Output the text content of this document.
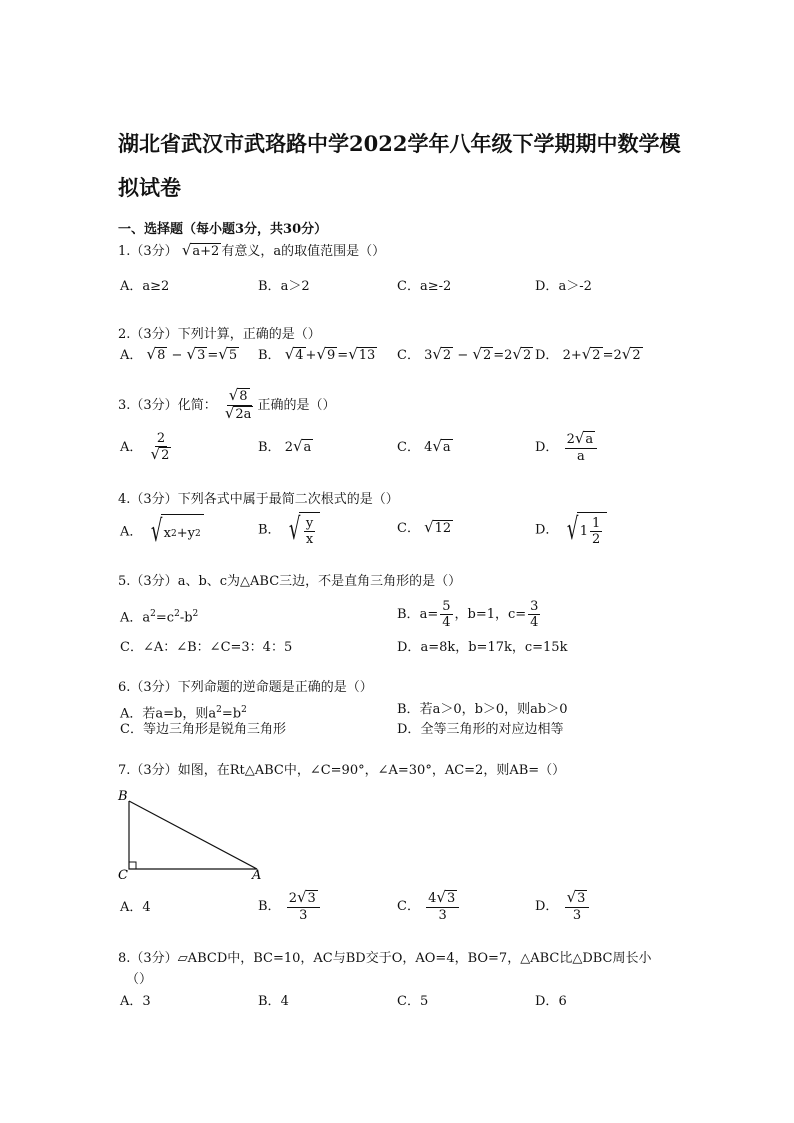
湖北省武汉市武珞路中学2022学年八年级下学期期中数学模拟试卷
一、选择题（每小题3分，共30分）
1.（3分） √ a+2 有意义，a的取值范围是（）
A．a≥2	B．a＞2	C．a≥-2	D．a＞-2
2.（3分）下列计算，正确的是（）
A． √ 8 − √ 3 = √ 5 B． √ 4 + √ 9 = √ 13 C． 3 √ 2 − √ 2 =2 √ 2 D． 2+ √ 2 =2 √ 2
3.（3分）化简： $\frac{√ 8}{√ 2a}$ 正确的是（）
A． $\frac{2}{√ 2}$	B． 2 √ a	C． 4 √ a	D． $\frac{2 √ a}{a}$
4.（3分）下列各式中属于最简二次根式的是（）
A． √ x 2 +y 2	B． √ $\frac{y}{x}$	C． √ 12	D． √ $1 \frac{1}{2}$
5.（3分）a、b、c为△ABC三边，不是直角三角形的是（）
A．$a^2=c^2-b^2$	B．$a= \frac{5}{4}$ ，b=1，$c= \frac{3}{4}$
C．∠A：∠B：∠C=3：4：5	D．a=8k，b=17k，c=15k
6.（3分）下列命题的逆命题是正确的是（）
A．若a=b，则$a^2=b^2$	B．若a＞0，b＞0，则ab＞0
C．等边三角形是锐角三角形	D．全等三角形的对应边相等
7.（3分）如图，在Rt△ABC中，∠C=90°，∠A=30°，AC=2，则AB=（）
B
C	A
A．4	B． $\frac{2 √ 3}{3}$	C． $\frac{4 √ 3}{3}$	D． $\frac{√ 3}{3}$
8.（3分）▱ABCD中，BC=10，AC与BD交于O，AO=4，BO=7，△ABC比△DBC周长小
（）
A．3	B．4	C．5	D．6
